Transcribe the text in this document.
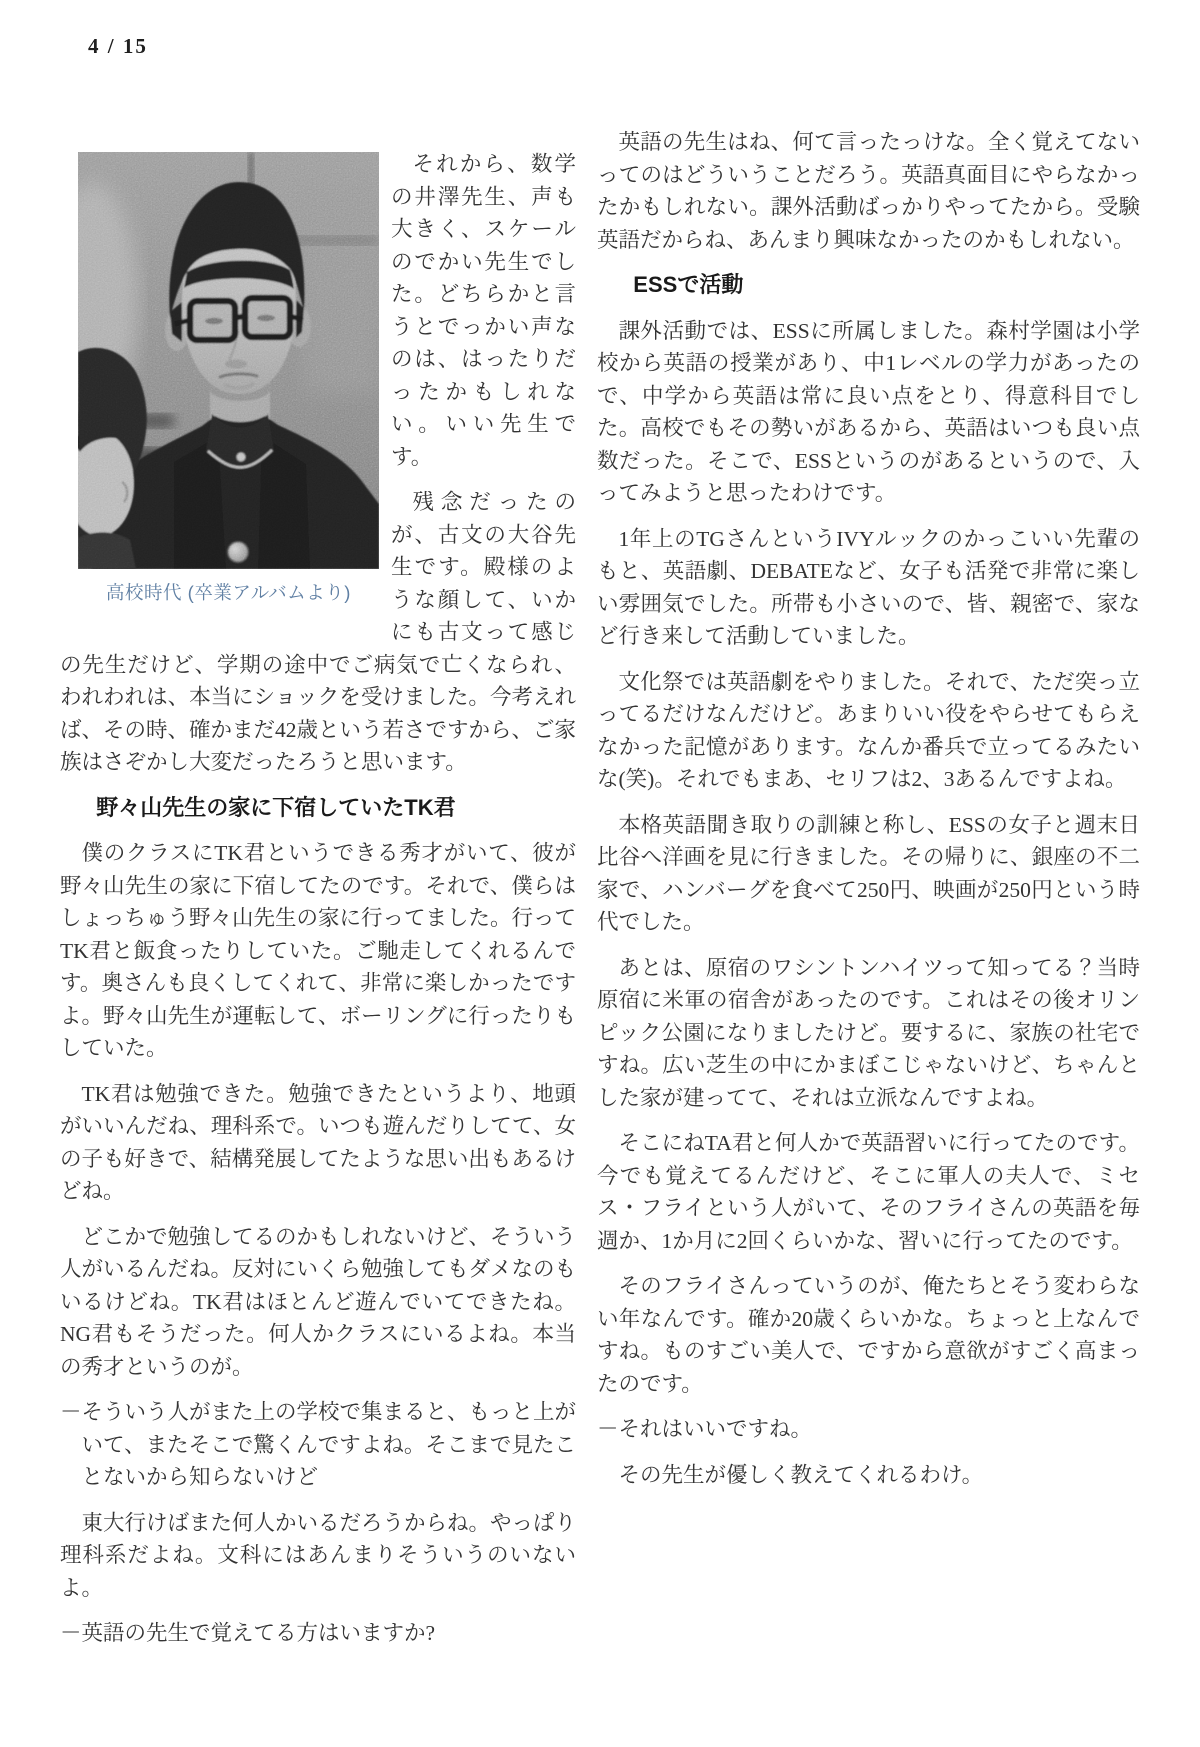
4 / 15
高校時代 (卒業アルバムより)

それから、数学の井澤先生、声も大きく、スケールのでかい先生でした。どちらかと言うとでっかい声なのは、はったりだったかもしれない。いい先生です。

残念だったのが、古文の大谷先生です。殿様のような顔して、いかにも古文って感じの先生だけど、学期の途中でご病気で亡くなられ、われわれは、本当にショックを受けました。今考えれば、その時、確かまだ42歳という若さですから、ご家族はさぞかし大変だったろうと思います。

野々山先生の家に下宿していたTK君

僕のクラスにTK君というできる秀才がいて、彼が野々山先生の家に下宿してたのです。それで、僕らはしょっちゅう野々山先生の家に行ってました。行ってTK君と飯食ったりしていた。ご馳走してくれるんです。奥さんも良くしてくれて、非常に楽しかったですよ。野々山先生が運転して、ボーリングに行ったりもしていた。

TK君は勉強できた。勉強できたというより、地頭がいいんだね、理科系で。いつも遊んだりしてて、女の子も好きで、結構発展してたような思い出もあるけどね。

どこかで勉強してるのかもしれないけど、そういう人がいるんだね。反対にいくら勉強してもダメなのもいるけどね。TK君はほとんど遊んでいてできたね。NG君もそうだった。何人かクラスにいるよね。本当の秀才というのが。

－そういう人がまた上の学校で集まると、もっと上がいて、またそこで驚くんですよね。そこまで見たことないから知らないけど

東大行けばまた何人かいるだろうからね。やっぱり理科系だよね。文科にはあんまりそういうのいないよ。

－英語の先生で覚えてる方はいますか?

英語の先生はね、何て言ったっけな。全く覚えてないってのはどういうことだろう。英語真面目にやらなかったかもしれない。課外活動ばっかりやってたから。受験英語だからね、あんまり興味なかったのかもしれない。

ESSで活動

課外活動では、ESSに所属しました。森村学園は小学校から英語の授業があり、中1レベルの学力があったので、中学から英語は常に良い点をとり、得意科目でした。高校でもその勢いがあるから、英語はいつも良い点数だった。そこで、ESSというのがあるというので、入ってみようと思ったわけです。

1年上のTGさんというIVYルックのかっこいい先輩のもと、英語劇、DEBATEなど、女子も活発で非常に楽しい雰囲気でした。所帯も小さいので、皆、親密で、家など行き来して活動していました。

文化祭では英語劇をやりました。それで、ただ突っ立ってるだけなんだけど。あまりいい役をやらせてもらえなかった記憶があります。なんか番兵で立ってるみたいな(笑)。それでもまあ、セリフは2、3あるんですよね。

本格英語聞き取りの訓練と称し、ESSの女子と週末日比谷へ洋画を見に行きました。その帰りに、銀座の不二家で、ハンバーグを食べて250円、映画が250円という時代でした。

あとは、原宿のワシントンハイツって知ってる？当時原宿に米軍の宿舎があったのです。これはその後オリンピック公園になりましたけど。要するに、家族の社宅ですね。広い芝生の中にかまぼこじゃないけど、ちゃんとした家が建ってて、それは立派なんですよね。

そこにねTA君と何人かで英語習いに行ってたのです。今でも覚えてるんだけど、そこに軍人の夫人で、ミセス・フライという人がいて、そのフライさんの英語を毎週か、1か月に2回くらいかな、習いに行ってたのです。

そのフライさんっていうのが、俺たちとそう変わらない年なんです。確か20歳くらいかな。ちょっと上なんですね。ものすごい美人で、ですから意欲がすごく高まったのです。

－それはいいですね。

その先生が優しく教えてくれるわけ。
